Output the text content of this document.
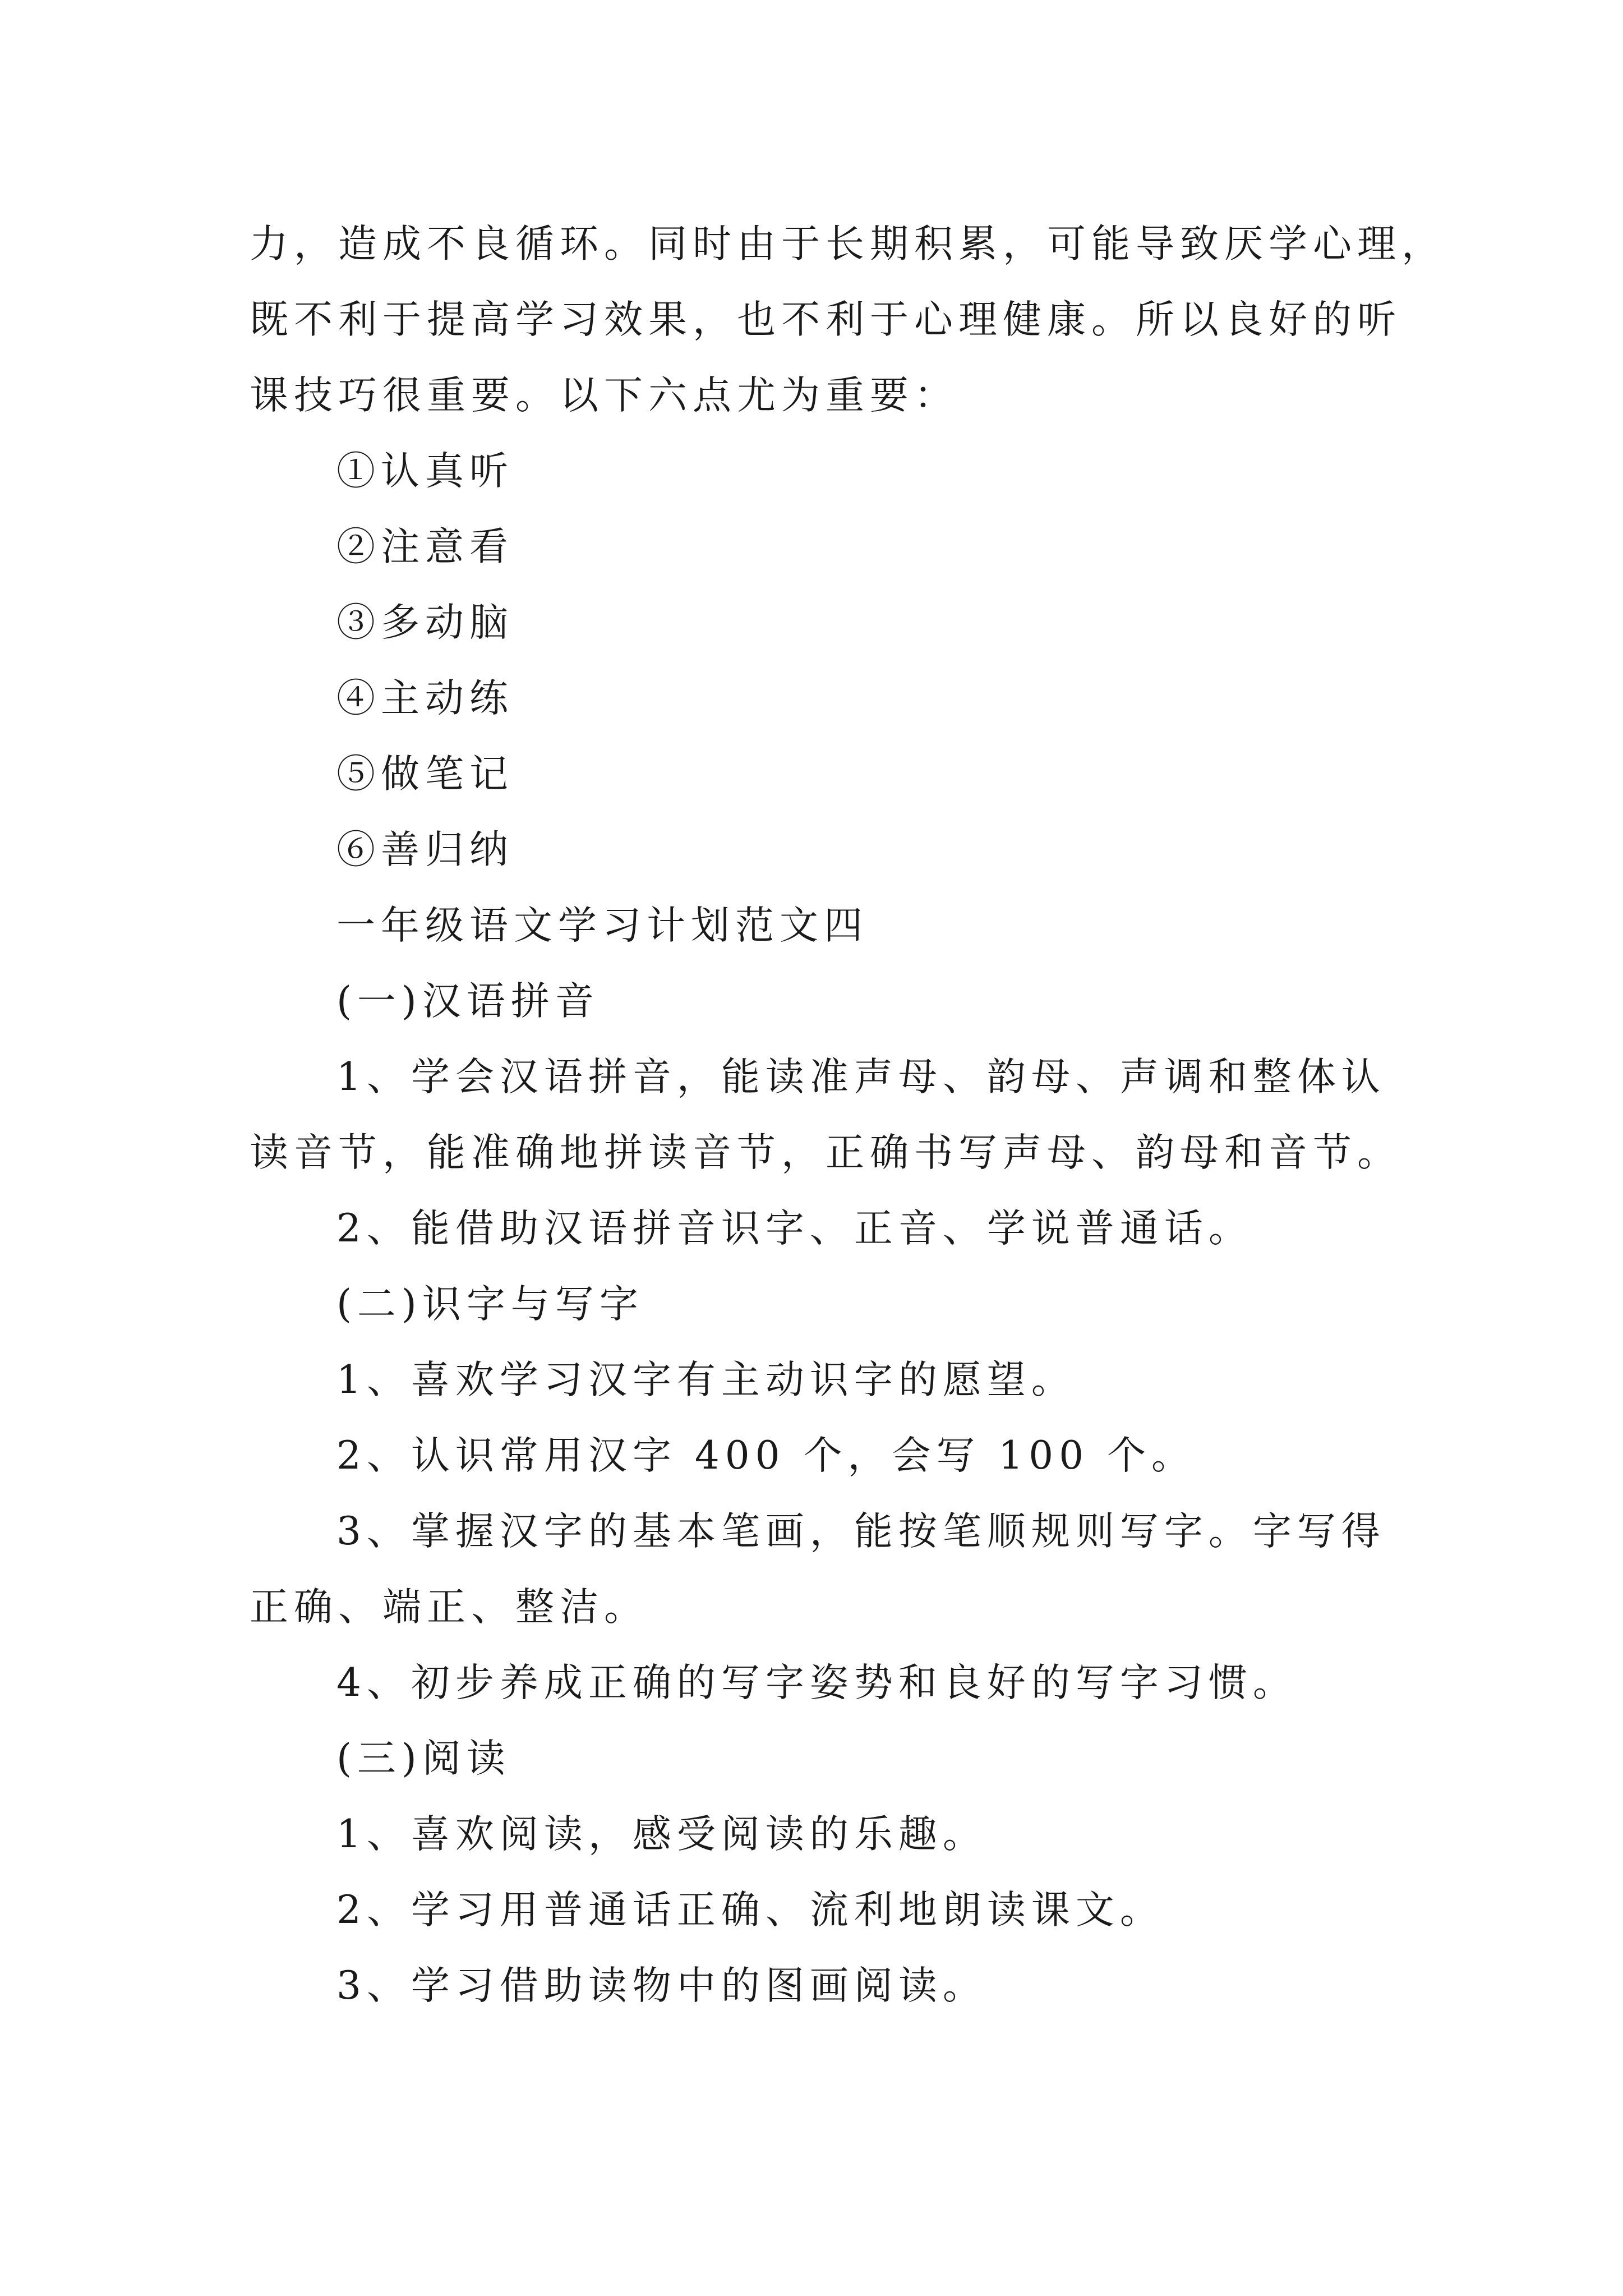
力，造成不良循环。同时由于长期积累，可能导致厌学心理，
既不利于提高学习效果，也不利于心理健康。所以良好的听
课技巧很重要。以下六点尤为重要：
①认真听
②注意看
③多动脑
④主动练
⑤做笔记
⑥善归纳
一年级语文学习计划范文四
(一)汉语拼音
1、学会汉语拼音，能读准声母、韵母、声调和整体认
读音节，能准确地拼读音节，正确书写声母、韵母和音节。
2、能借助汉语拼音识字、正音、学说普通话。
(二)识字与写字
1、喜欢学习汉字有主动识字的愿望。
2、认识常用汉字 400 个，会写 100 个。
3、掌握汉字的基本笔画，能按笔顺规则写字。字写得
正确、端正、整洁。
4、初步养成正确的写字姿势和良好的写字习惯。
(三)阅读
1、喜欢阅读，感受阅读的乐趣。
2、学习用普通话正确、流利地朗读课文。
3、学习借助读物中的图画阅读。
